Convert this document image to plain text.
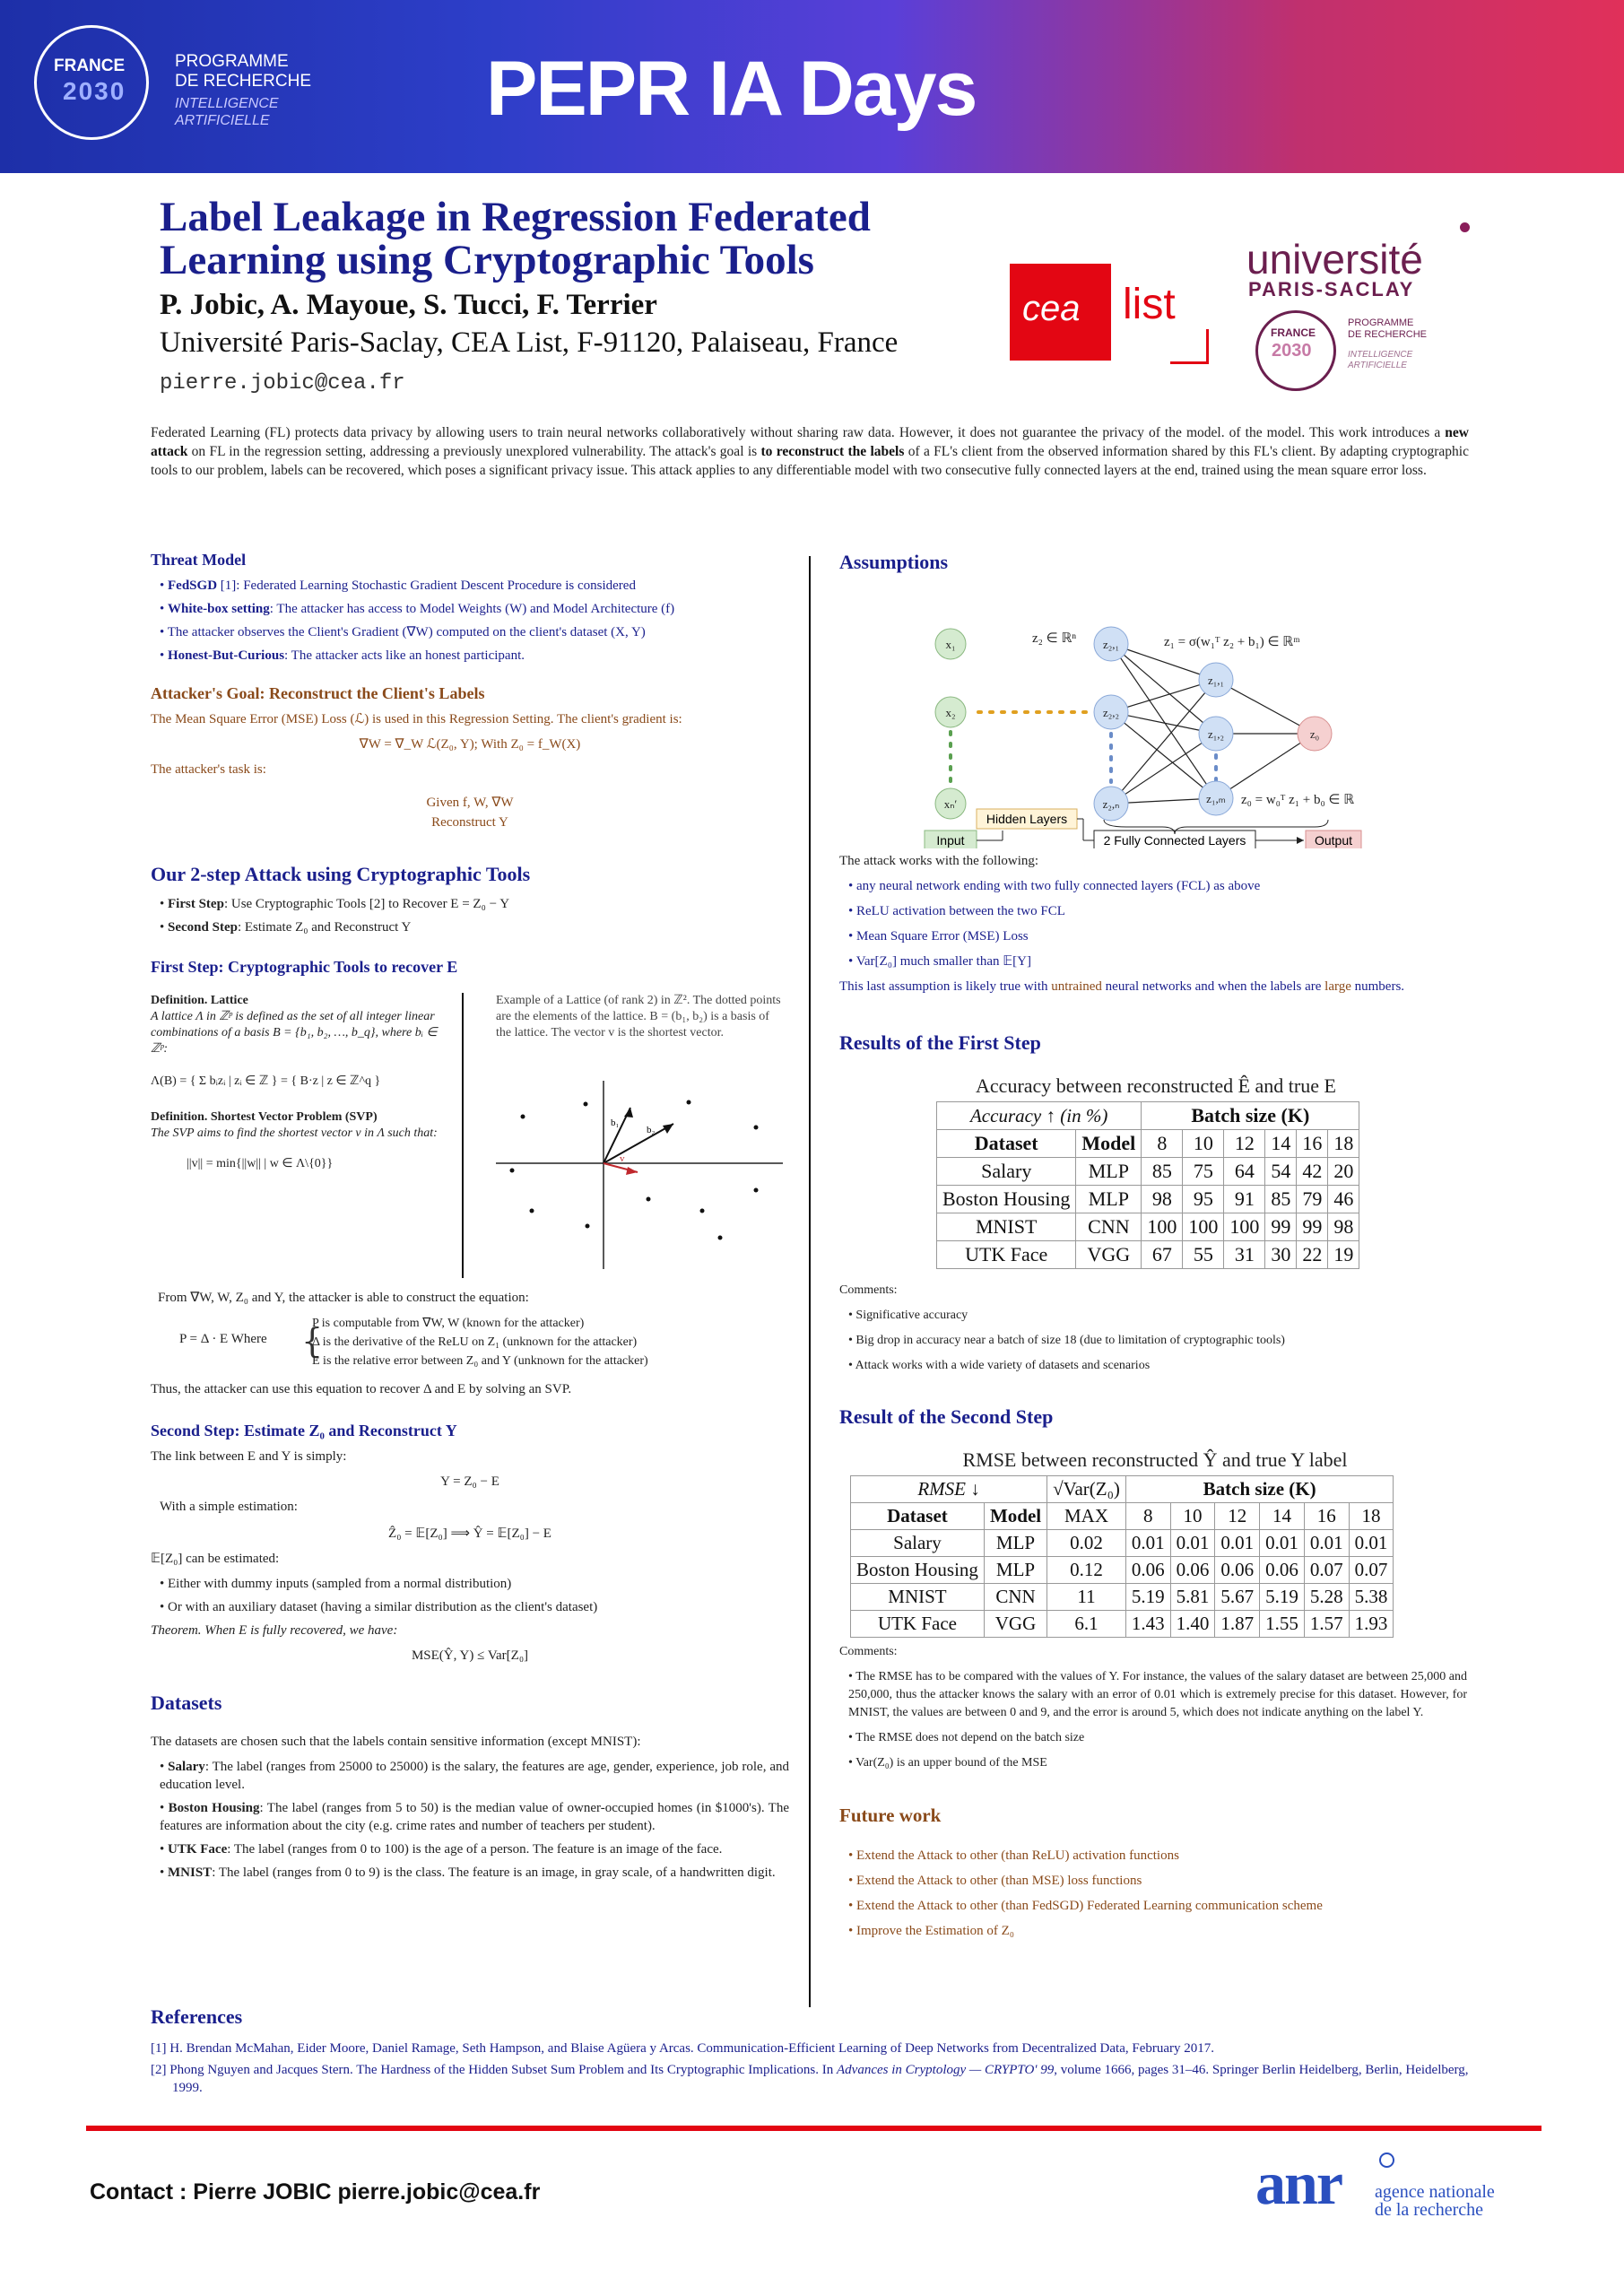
FRANCE
2030
PROGRAMME
DE RECHERCHE
INTELLIGENCE
ARTIFICIELLE	PEPR IA Days
Label Leakage in Regression Federated
Learning using Cryptographic Tools
P. Jobic, A. Mayoue, S. Tucci, F. Terrier
Université Paris-Saclay, CEA List, F-91120, Palaiseau, France
pierre.jobic@cea.fr
cea list
université
PARIS-SACLAY
FRANCE
2030
PROGRAMME
DE RECHERCHE
INTELLIGENCE
ARTIFICIELLE
Federated Learning (FL) protects data privacy by allowing users to train neural networks collaboratively without sharing raw data. However, it does not guarantee the privacy of the model. of the model. This work introduces a new attack on FL in the regression setting, addressing a previously unexplored vulnerability. The attack's goal is to reconstruct the labels of a FL's client from the observed information shared by this FL's client. By adapting cryptographic tools to our problem, labels can be recovered, which poses a significant privacy issue. This attack applies to any differentiable model with two consecutive fully connected layers at the end, trained using the mean square error loss.
Threat Model
• FedSGD [1]: Federated Learning Stochastic Gradient Descent Procedure is considered
• White-box setting: The attacker has access to Model Weights (W) and Model Architecture (f)
• The attacker observes the Client's Gradient (∇W) computed on the client's dataset (X, Y)
• Honest-But-Curious: The attacker acts like an honest participant.
Attacker's Goal: Reconstruct the Client's Labels

The Mean Square Error (MSE) Loss (ℒ) is used in this Regression Setting. The client's gradient is:

∇W = ∇_W ℒ(Z₀, Y); With Z₀ = f_W(X)

The attacker's task is:

Given f, W, ∇W
Reconstruct Y
Our 2-step Attack using Cryptographic Tools
• First Step: Use Cryptographic Tools [2] to Recover E = Z₀ − Y
• Second Step: Estimate Z₀ and Reconstruct Y
First Step: Cryptographic Tools to recover E
Definition. Lattice
A lattice Λ in ℤᵖ is defined as the set of all integer linear combinations of a basis B = {b₁, b₂, …, b_q}, where bᵢ ∈ ℤᵖ:
Λ(B) = { Σ bᵢzᵢ | zᵢ ∈ ℤ } = { B·z | z ∈ ℤ^q }
Definition. Shortest Vector Problem (SVP)
The SVP aims to find the shortest vector v in Λ such that:
||v|| = min{||w|| | w ∈ Λ\{0}}
Example of a Lattice (of rank 2) in ℤ². The dotted points are the elements of the lattice. B = (b₁, b₂) is a basis of the lattice. The vector v is the shortest vector.
b₁
b₂
v

From ∇W, W, Z₀ and Y, the attacker is able to construct the equation:

P = Δ · E Where {
P is computable from ∇W, W (known for the attacker)
Δ is the derivative of the ReLU on Z₁ (unknown for the attacker)
E is the relative error between Z₀ and Y (unknown for the attacker)

Thus, the attacker can use this equation to recover Δ and E by solving an SVP.

Second Step: Estimate Z₀ and Reconstruct Y

The link between E and Y is simply:

Y = Z₀ − E

With a simple estimation:

Ẑ₀ = 𝔼[Z₀] ⟹ Ŷ = 𝔼[Z₀] − E

𝔼[Z₀] can be estimated:

• Either with dummy inputs (sampled from a normal distribution)
• Or with an auxiliary dataset (having a similar distribution as the client's dataset)

Theorem. When E is fully recovered, we have:

MSE(Ŷ, Y) ≤ Var[Z₀]

Datasets

The datasets are chosen such that the labels contain sensitive information (except MNIST):

• Salary: The label (ranges from 25000 to 25000) is the salary, the features are age, gender, experience, job role, and education level.
• Boston Housing: The label (ranges from 5 to 50) is the median value of owner-occupied homes (in $1000's). The features are information about the city (e.g. crime rates and number of teachers per student).
• UTK Face: The label (ranges from 0 to 100) is the age of a person. The feature is an image of the face.
• MNIST: The label (ranges from 0 to 9) is the class. The feature is an image, in gray scale, of a handwritten digit.
Assumptions
x₁
x₂
xₙ′
z₂,₁
z₂,₂
z₂,ₙ
z₁,₁
z₁,₂
z₁,ₘ
z₀
z₂ ∈ ℝⁿ	z₁ = σ(w₁ᵀ z₂ + b₁) ∈ ℝᵐ
z₀ = w₀ᵀ z₁ + b₀ ∈ ℝ
Hidden Layers
Input	2 Fully Connected Layers	Output

The attack works with the following:

• any neural network ending with two fully connected layers (FCL) as above
• ReLU activation between the two FCL
• Mean Square Error (MSE) Loss
• Var[Z₀] much smaller than 𝔼[Y]

This last assumption is likely true with untrained neural networks and when the labels are large numbers.

Results of the First Step
Accuracy between reconstructed Ê and true E
Accuracy ↑ (in %)		Batch size (K)					
Dataset	Model	8	10	12	14	16	18
Salary	MLP	85	75	64	54	42	20
Boston Housing	MLP	98	95	91	85	79	46
MNIST	CNN	100	100	100	99	99	98
UTK Face	VGG	67	55	31	30	22	19

Comments:

• Significative accuracy
• Big drop in accuracy near a batch of size 18 (due to limitation of cryptographic tools)
• Attack works with a wide variety of datasets and scenarios
Result of the Second Step
RMSE between reconstructed Ŷ and true Y label
RMSE ↓		√Var(Z₀)	Batch size (K)					
Dataset	Model	MAX	8	10	12	14	16	18
Salary	MLP	0.02	0.01	0.01	0.01	0.01	0.01	0.01
Boston Housing	MLP	0.12	0.06	0.06	0.06	0.06	0.07	0.07
MNIST	CNN	11	5.19	5.81	5.67	5.19	5.28	5.38
UTK Face	VGG	6.1	1.43	1.40	1.87	1.55	1.57	1.93

Comments:

• The RMSE has to be compared with the values of Y. For instance, the values of the salary dataset are between 25,000 and 250,000, thus the attacker knows the salary with an error of 0.01 which is extremely precise for this dataset. However, for MNIST, the values are between 0 and 9, and the error is around 5, which does not indicate anything on the label Y.
• The RMSE does not depend on the batch size
• Var(Z₀) is an upper bound of the MSE
Future work
• Extend the Attack to other (than ReLU) activation functions
• Extend the Attack to other (than MSE) loss functions
• Extend the Attack to other (than FedSGD) Federated Learning communication scheme
• Improve the Estimation of Z₀
References
[1] H. Brendan McMahan, Eider Moore, Daniel Ramage, Seth Hampson, and Blaise Agüera y Arcas. Communication-Efficient Learning of Deep Networks from Decentralized Data, February 2017.
[2] Phong Nguyen and Jacques Stern. The Hardness of the Hidden Subset Sum Problem and Its Cryptographic Implications. In Advances in Cryptology — CRYPTO' 99, volume 1666, pages 31–46. Springer Berlin Heidelberg, Berlin, Heidelberg, 1999.
Contact : Pierre JOBIC pierre.jobic@cea.fr	anr agence nationale
de la recherche
